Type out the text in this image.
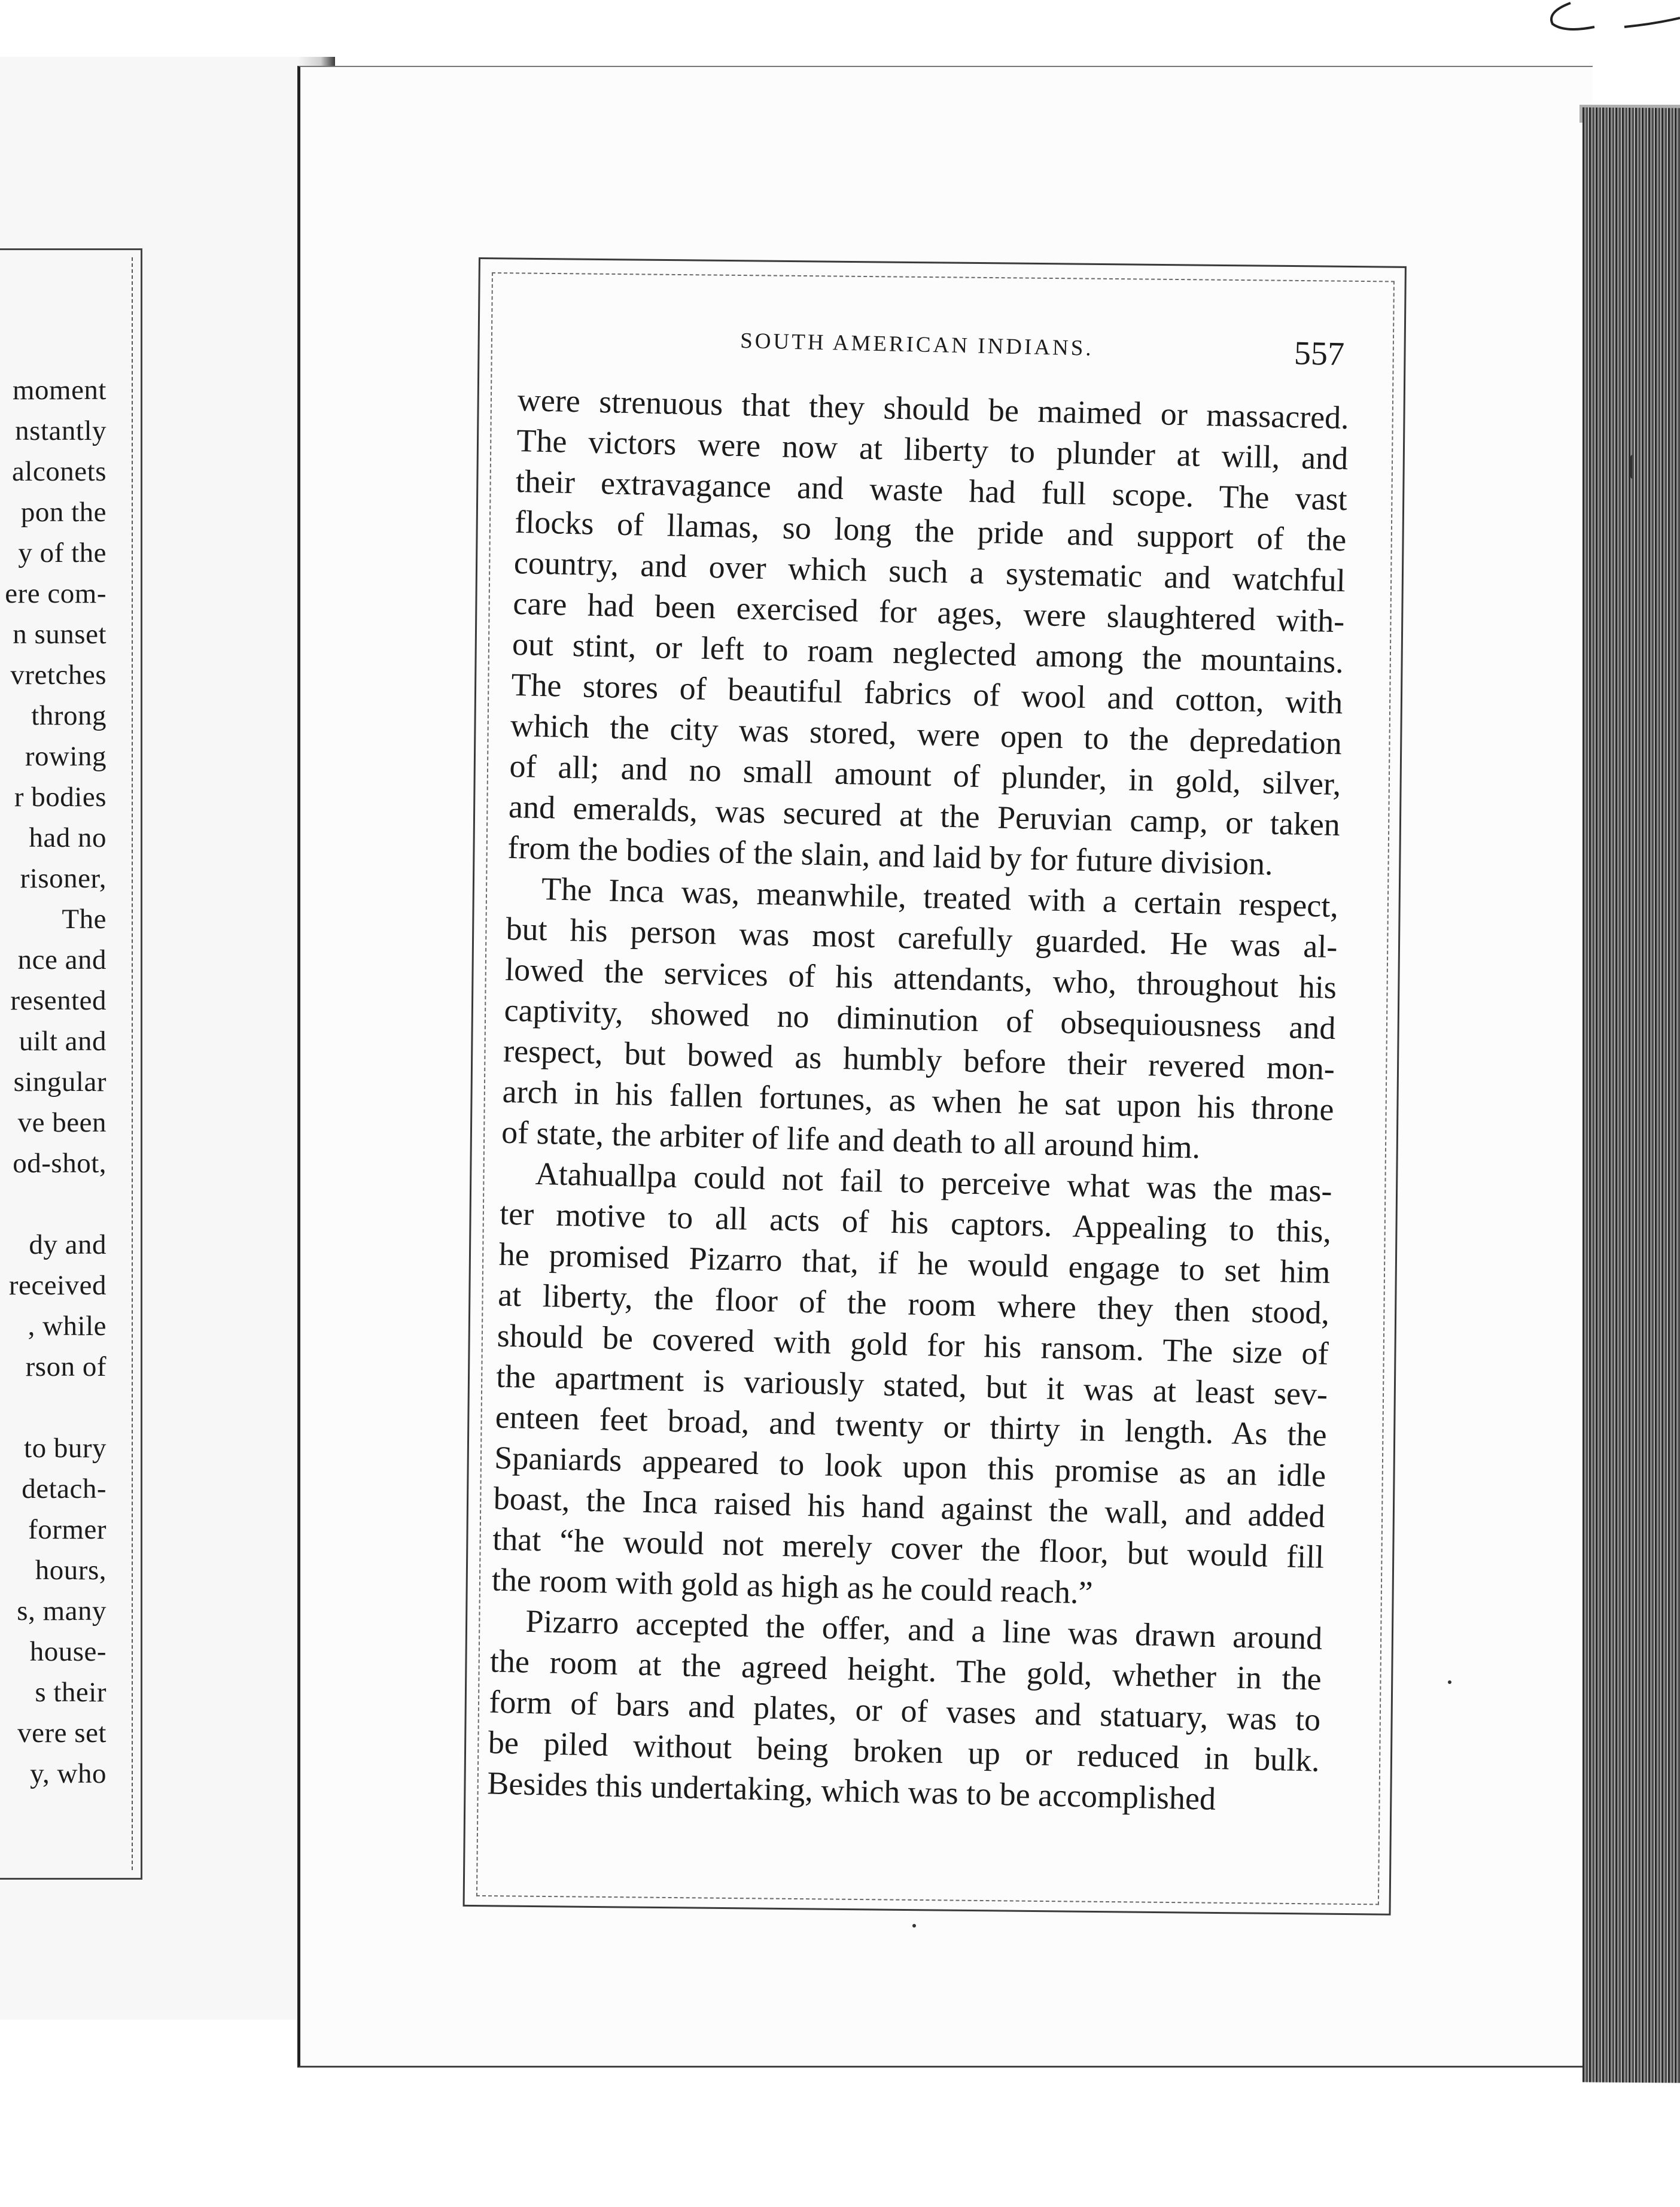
moment
nstantly
alconets
pon the
y of the
ere com-
n sunset
vretches
throng
rowing
r bodies
had no
risoner,
The
nce and
resented
uilt and
singular
ve been
od-shot,
dy and
received
, while
rson of
to bury
detach-
former
hours,
s, many
house-
s their
vere set
y, who
SOUTH AMERICAN INDIANS.	557
were strenuous that they should be maimed or massacred.
The victors were now at liberty to plunder at will, and
their extravagance and waste had full scope. The vast
flocks of llamas, so long the pride and support of the
country, and over which such a systematic and watchful
care had been exercised for ages, were slaughtered with-
out stint, or left to roam neglected among the mountains.
The stores of beautiful fabrics of wool and cotton, with
which the city was stored, were open to the depredation
of all; and no small amount of plunder, in gold, silver,
and emeralds, was secured at the Peruvian camp, or taken
from the bodies of the slain, and laid by for future division.
The Inca was, meanwhile, treated with a certain respect,
but his person was most carefully guarded. He was al-
lowed the services of his attendants, who, throughout his
captivity, showed no diminution of obsequiousness and
respect, but bowed as humbly before their revered mon-
arch in his fallen fortunes, as when he sat upon his throne
of state, the arbiter of life and death to all around him.
Atahuallpa could not fail to perceive what was the mas-
ter motive to all acts of his captors. Appealing to this,
he promised Pizarro that, if he would engage to set him
at liberty, the floor of the room where they then stood,
should be covered with gold for his ransom. The size of
the apartment is variously stated, but it was at least sev-
enteen feet broad, and twenty or thirty in length. As the
Spaniards appeared to look upon this promise as an idle
boast, the Inca raised his hand against the wall, and added
that “he would not merely cover the floor, but would fill
the room with gold as high as he could reach.”
Pizarro accepted the offer, and a line was drawn around
the room at the agreed height. The gold, whether in the
form of bars and plates, or of vases and statuary, was to
be piled without being broken up or reduced in bulk.
Besides this undertaking, which was to be accomplished
